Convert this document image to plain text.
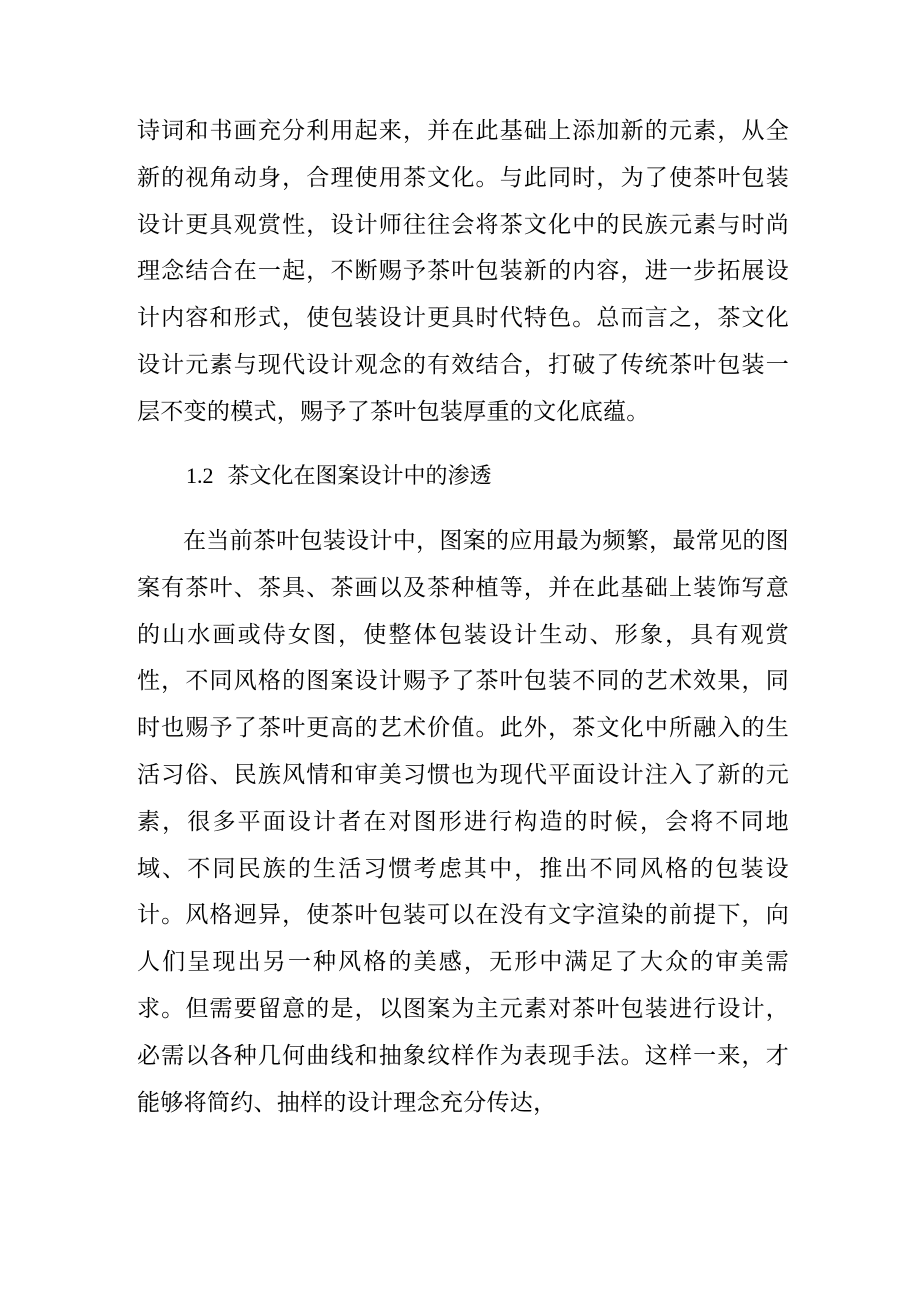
诗词和书画充分利用起来，并在此基础上添加新的元素，从全新的视角动身，合理使用茶文化。与此同时，为了使茶叶包装设计更具观赏性，设计师往往会将茶文化中的民族元素与时尚理念结合在一起，不断赐予茶叶包装新的内容，进一步拓展设计内容和形式，使包装设计更具时代特色。总而言之，茶文化设计元素与现代设计观念的有效结合，打破了传统茶叶包装一层不变的模式，赐予了茶叶包装厚重的文化底蕴。

1.2 茶文化在图案设计中的渗透

在当前茶叶包装设计中，图案的应用最为频繁，最常见的图案有茶叶、茶具、茶画以及茶种植等，并在此基础上装饰写意的山水画或侍女图，使整体包装设计生动、形象，具有观赏性，不同风格的图案设计赐予了茶叶包装不同的艺术效果，同时也赐予了茶叶更高的艺术价值。此外，茶文化中所融入的生活习俗、民族风情和审美习惯也为现代平面设计注入了新的元素，很多平面设计者在对图形进行构造的时候，会将不同地域、不同民族的生活习惯考虑其中，推出不同风格的包装设计。风格迥异，使茶叶包装可以在没有文字渲染的前提下，向人们呈现出另一种风格的美感，无形中满足了大众的审美需求。但需要留意的是，以图案为主元素对茶叶包装进行设计，必需以各种几何曲线和抽象纹样作为表现手法。这样一来，才能够将简约、抽样的设计理念充分传达，
